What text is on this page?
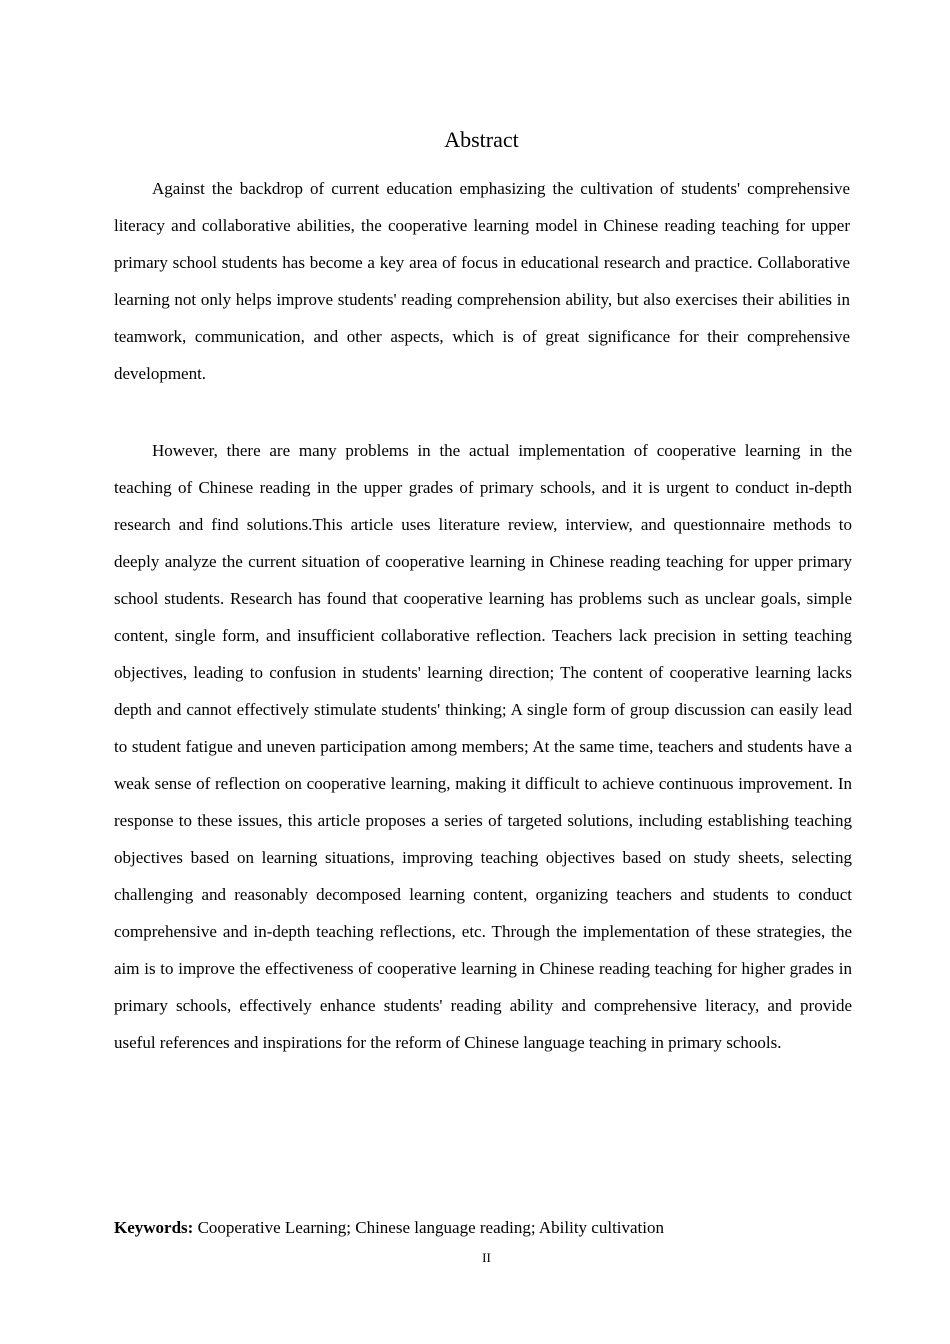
Abstract

Against the backdrop of current education emphasizing the cultivation of students' comprehensive literacy and collaborative abilities, the cooperative learning model in Chinese reading teaching for upper primary school students has become a key area of focus in educational research and practice. Collaborative learning not only helps improve students' reading comprehension ability, but also exercises their abilities in teamwork, communication, and other aspects, which is of great significance for their comprehensive development.

However, there are many problems in the actual implementation of cooperative learning in the teaching of Chinese reading in the upper grades of primary schools, and it is urgent to conduct in-depth research and find solutions.This article uses literature review, interview, and questionnaire methods to deeply analyze the current situation of cooperative learning in Chinese reading teaching for upper primary school students. Research has found that cooperative learning has problems such as unclear goals, simple content, single form, and insufficient collaborative reflection. Teachers lack precision in setting teaching objectives, leading to confusion in students' learning direction; The content of cooperative learning lacks depth and cannot effectively stimulate students' thinking; A single form of group discussion can easily lead to student fatigue and uneven participation among members; At the same time, teachers and students have a weak sense of reflection on cooperative learning, making it difficult to achieve continuous improvement. In response to these issues, this article proposes a series of targeted solutions, including establishing teaching objectives based on learning situations, improving teaching objectives based on study sheets, selecting challenging and reasonably decomposed learning content, organizing teachers and students to conduct comprehensive and in-depth teaching reflections, etc. Through the implementation of these strategies, the aim is to improve the effectiveness of cooperative learning in Chinese reading teaching for higher grades in primary schools, effectively enhance students' reading ability and comprehensive literacy, and provide useful references and inspirations for the reform of Chinese language teaching in primary schools.

Keywords: Cooperative Learning; Chinese language reading; Ability cultivation

II
